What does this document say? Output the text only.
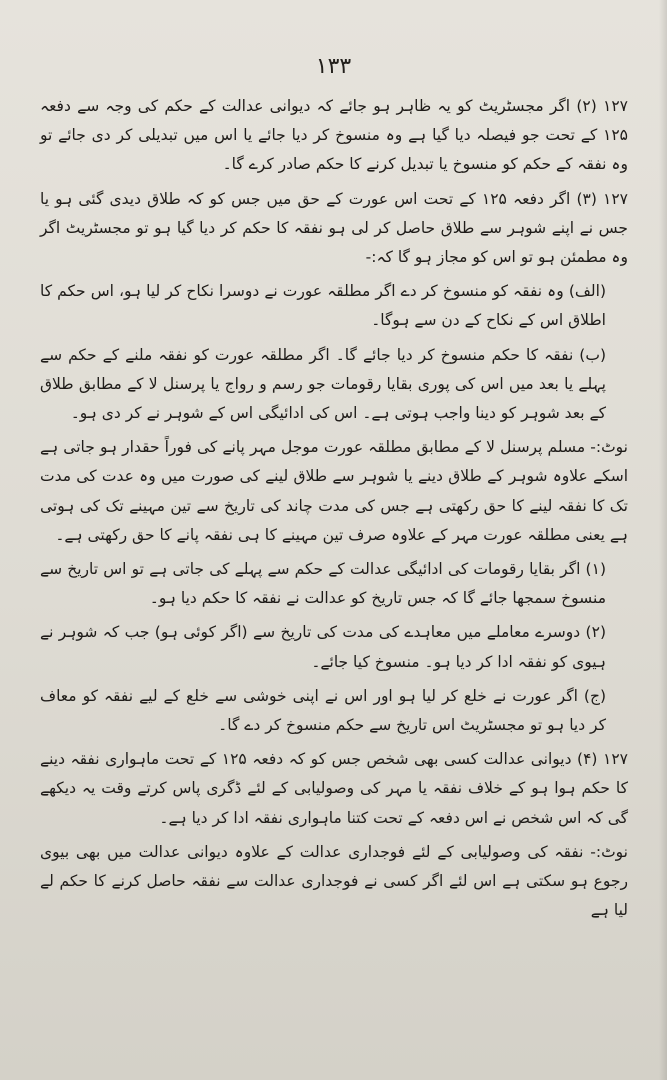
۱۳۳

۱۲۷ (۲) اگر مجسٹریٹ کو یہ ظاہر ہو جائے کہ دیوانی عدالت کے حکم کی وجہ سے دفعہ ۱۲۵ کے تحت جو فیصلہ دیا گیا ہے وہ منسوخ کر دیا جائے یا اس میں تبدیلی کر دی جائے تو وہ نفقہ کے حکم کو منسوخ یا تبدیل کرنے کا حکم صادر کرے گا۔

۱۲۷ (۳) اگر دفعہ ۱۲۵ کے تحت اس عورت کے حق میں جس کو کہ طلاق دیدی گئی ہو یا جس نے اپنے شوہر سے طلاق حاصل کر لی ہو نفقہ کا حکم کر دیا گیا ہو تو مجسٹریٹ اگر وہ مطمئن ہو تو اس کو مجاز ہو گا کہ:-

(الف) وہ نفقہ کو منسوخ کر دے اگر مطلقہ عورت نے دوسرا نکاح کر لیا ہو، اس حکم کا اطلاق اس کے نکاح کے دن سے ہوگا۔

(ب) نفقہ کا حکم منسوخ کر دیا جائے گا۔ اگر مطلقہ عورت کو نفقہ ملنے کے حکم سے پہلے یا بعد میں اس کی پوری بقایا رقومات جو رسم و رواج یا پرسنل لا کے مطابق طلاق کے بعد شوہر کو دینا واجب ہوتی ہے۔ اس کی ادائیگی اس کے شوہر نے کر دی ہو۔

نوٹ:- مسلم پرسنل لا کے مطابق مطلقہ عورت موجل مہر پانے کی فوراً حقدار ہو جاتی ہے اسکے علاوہ شوہر کے طلاق دینے یا شوہر سے طلاق لینے کی صورت میں وہ عدت کی مدت تک کا نفقہ لینے کا حق رکھتی ہے جس کی مدت چاند کی تاریخ سے تین مہینے تک کی ہوتی ہے یعنی مطلقہ عورت مہر کے علاوہ صرف تین مہینے کا ہی نفقہ پانے کا حق رکھتی ہے۔

(۱) اگر بقایا رقومات کی ادائیگی عدالت کے حکم سے پہلے کی جاتی ہے تو اس تاریخ سے منسوخ سمجھا جائے گا کہ جس تاریخ کو عدالت نے نفقہ کا حکم دیا ہو۔

(۲) دوسرے معاملے میں معاہدے کی مدت کی تاریخ سے (اگر کوئی ہو) جب کہ شوہر نے ہیوی کو نفقہ ادا کر دیا ہو۔ منسوخ کیا جائے۔

(ج) اگر عورت نے خلع کر لیا ہو اور اس نے اپنی خوشی سے خلع کے لیے نفقہ کو معاف کر دیا ہو تو مجسٹریٹ اس تاریخ سے حکم منسوخ کر دے گا۔

۱۲۷ (۴) دیوانی عدالت کسی بھی شخص جس کو کہ دفعہ ۱۲۵ کے تحت ماہواری نفقہ دینے کا حکم ہوا ہو کے خلاف نفقہ یا مہر کی وصولیابی کے لئے ڈگری پاس کرتے وقت یہ دیکھے گی کہ اس شخص نے اس دفعہ کے تحت کتنا ماہواری نفقہ ادا کر دیا ہے۔

نوٹ:- نفقہ کی وصولیابی کے لئے فوجداری عدالت کے علاوہ دیوانی عدالت میں بھی بیوی رجوع ہو سکتی ہے اس لئے اگر کسی نے فوجداری عدالت سے نفقہ حاصل کرنے کا حکم لے لیا ہے
